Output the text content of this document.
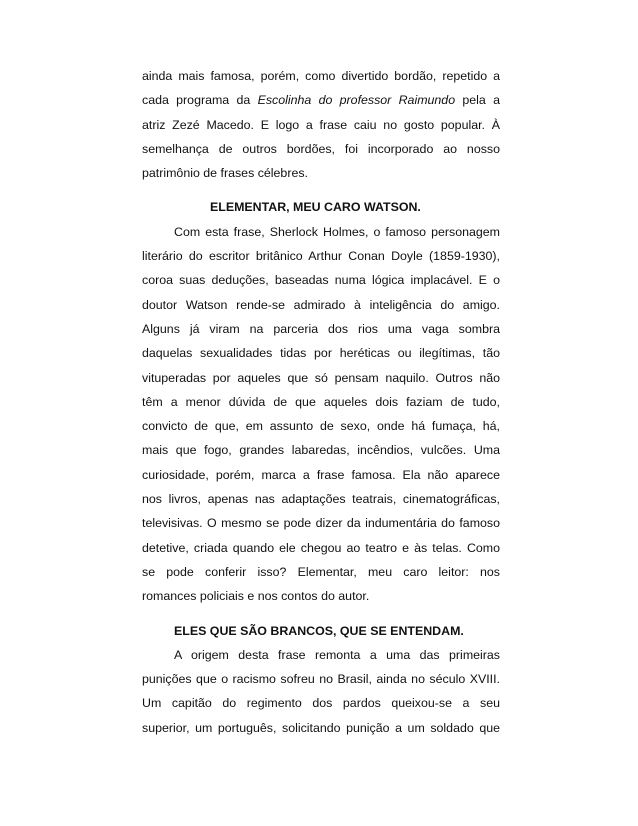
ainda mais famosa, porém, como divertido bordão, repetido a
cada programa da Escolinha do professor Raimundo pela a
atriz Zezé Macedo. E logo a frase caiu no gosto popular. À
semelhança de outros bordões, foi incorporado ao nosso
patrimônio de frases célebres.
ELEMENTAR, MEU CARO WATSON.
Com esta frase, Sherlock Holmes, o famoso personagem
literário do escritor britânico Arthur Conan Doyle (1859-1930),
coroa suas deduções, baseadas numa lógica implacável. E o
doutor Watson rende-se admirado à inteligência do amigo.
Alguns já viram na parceria dos rios uma vaga sombra
daquelas sexualidades tidas por heréticas ou ilegítimas, tão
vituperadas por aqueles que só pensam naquilo. Outros não
têm a menor dúvida de que aqueles dois faziam de tudo,
convicto de que, em assunto de sexo, onde há fumaça, há,
mais que fogo, grandes labaredas, incêndios, vulcões. Uma
curiosidade, porém, marca a frase famosa. Ela não aparece
nos livros, apenas nas adaptações teatrais, cinematográficas,
televisivas. O mesmo se pode dizer da indumentária do famoso
detetive, criada quando ele chegou ao teatro e às telas. Como
se pode conferir isso? Elementar, meu caro leitor: nos
romances policiais e nos contos do autor.
ELES QUE SÃO BRANCOS, QUE SE ENTENDAM.
A origem desta frase remonta a uma das primeiras
punições que o racismo sofreu no Brasil, ainda no século XVIII.
Um capitão do regimento dos pardos queixou-se a seu
superior, um português, solicitando punição a um soldado que
